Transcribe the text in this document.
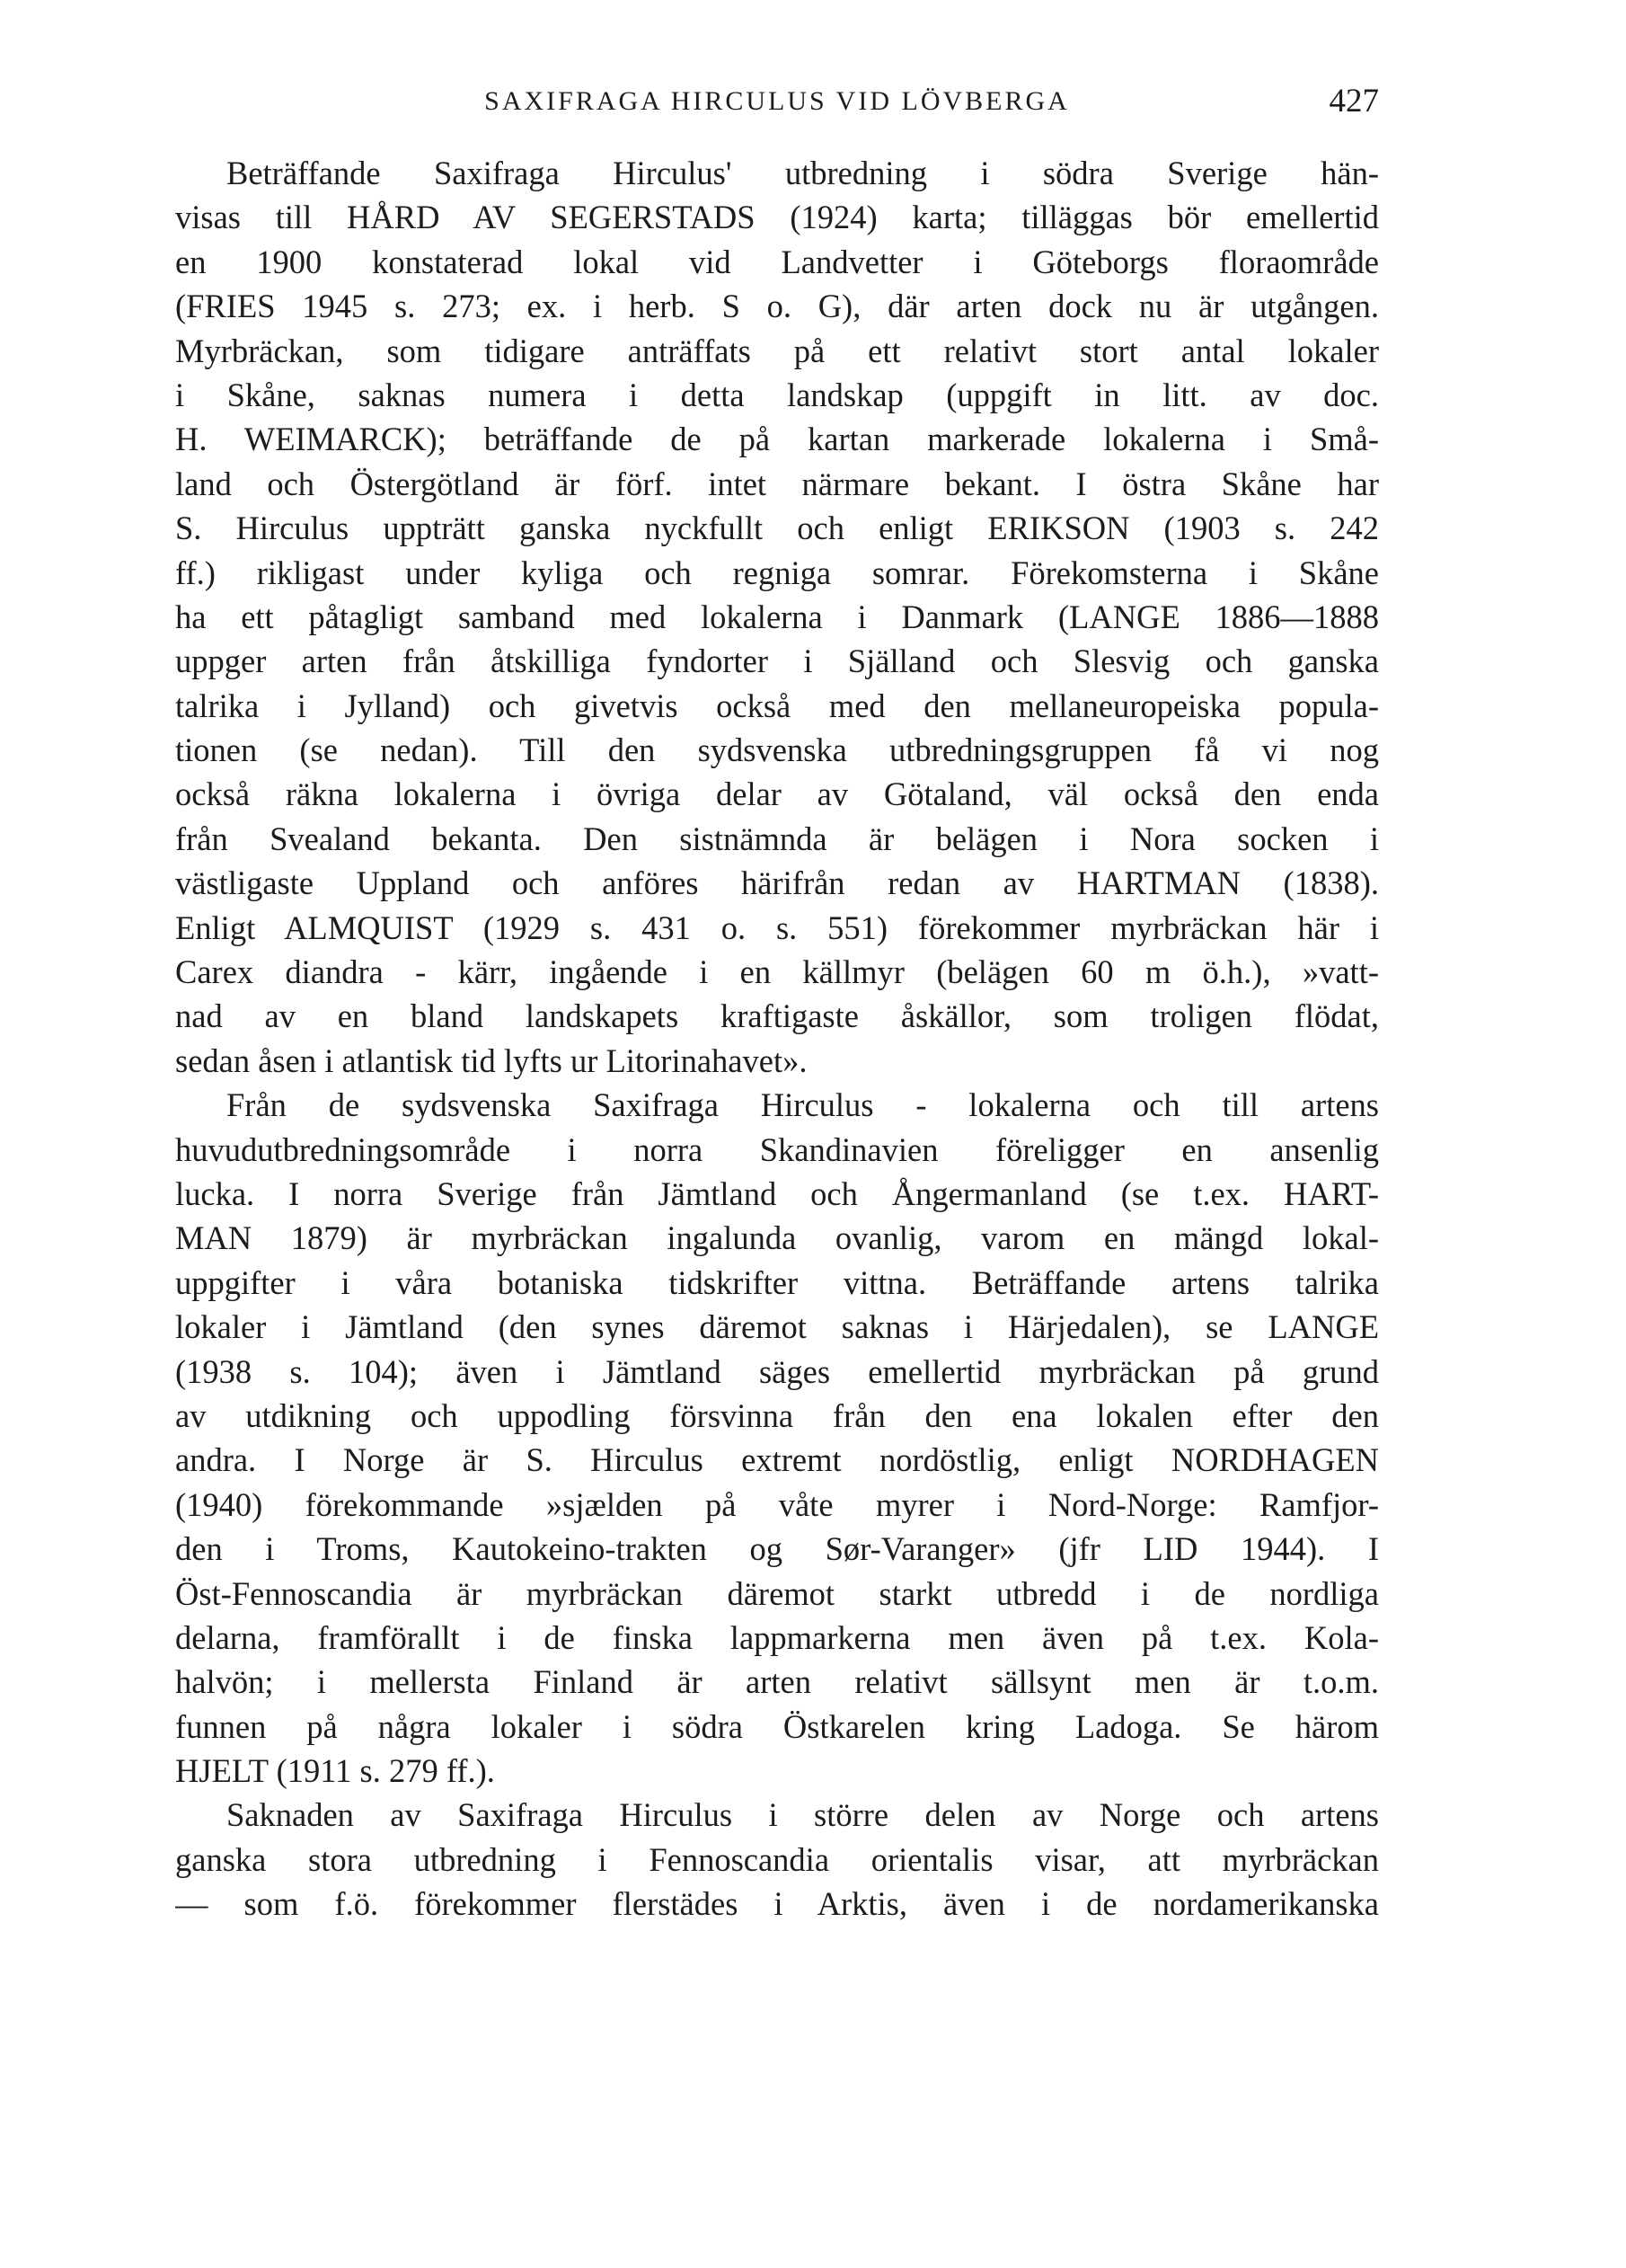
SAXIFRAGA HIRCULUS VID LÖVBERGA	427
Beträffande Saxifraga Hirculus' utbredning i södra Sverige hän-
visas till HÅRD AV SEGERSTADS (1924) karta; tilläggas bör emellertid
en 1900 konstaterad lokal vid Landvetter i Göteborgs floraområde
(FRIES 1945 s. 273; ex. i herb. S o. G), där arten dock nu är utgången.
Myrbräckan, som tidigare anträffats på ett relativt stort antal lokaler
i Skåne, saknas numera i detta landskap (uppgift in litt. av doc.
H. WEIMARCK); beträffande de på kartan markerade lokalerna i Små-
land och Östergötland är förf. intet närmare bekant. I östra Skåne har
S. Hirculus uppträtt ganska nyckfullt och enligt ERIKSON (1903 s. 242
ff.) rikligast under kyliga och regniga somrar. Förekomsterna i Skåne
ha ett påtagligt samband med lokalerna i Danmark (LANGE 1886—1888
uppger arten från åtskilliga fyndorter i Själland och Slesvig och ganska
talrika i Jylland) och givetvis också med den mellaneuropeiska popula-
tionen (se nedan). Till den sydsvenska utbredningsgruppen få vi nog
också räkna lokalerna i övriga delar av Götaland, väl också den enda
från Svealand bekanta. Den sistnämnda är belägen i Nora socken i
västligaste Uppland och anföres härifrån redan av HARTMAN (1838).
Enligt ALMQUIST (1929 s. 431 o. s. 551) förekommer myrbräckan här i
Carex diandra - kärr, ingående i en källmyr (belägen 60 m ö.h.), »vatt-
nad av en bland landskapets kraftigaste åskällor, som troligen flödat,
sedan åsen i atlantisk tid lyfts ur Litorinahavet».
Från de sydsvenska Saxifraga Hirculus - lokalerna och till artens
huvudutbredningsområde i norra Skandinavien föreligger en ansenlig
lucka. I norra Sverige från Jämtland och Ångermanland (se t.ex. HART-
MAN 1879) är myrbräckan ingalunda ovanlig, varom en mängd lokal-
uppgifter i våra botaniska tidskrifter vittna. Beträffande artens talrika
lokaler i Jämtland (den synes däremot saknas i Härjedalen), se LANGE
(1938 s. 104); även i Jämtland säges emellertid myrbräckan på grund
av utdikning och uppodling försvinna från den ena lokalen efter den
andra. I Norge är S. Hirculus extremt nordöstlig, enligt NORDHAGEN
(1940) förekommande »sjælden på våte myrer i Nord-Norge: Ramfjor-
den i Troms, Kautokeino-trakten og Sør-Varanger» (jfr LID 1944). I
Öst-Fennoscandia är myrbräckan däremot starkt utbredd i de nordliga
delarna, framförallt i de finska lappmarkerna men även på t.ex. Kola-
halvön; i mellersta Finland är arten relativt sällsynt men är t.o.m.
funnen på några lokaler i södra Östkarelen kring Ladoga. Se härom
HJELT (1911 s. 279 ff.).
Saknaden av Saxifraga Hirculus i större delen av Norge och artens
ganska stora utbredning i Fennoscandia orientalis visar, att myrbräckan
— som f.ö. förekommer flerstädes i Arktis, även i de nordamerikanska
